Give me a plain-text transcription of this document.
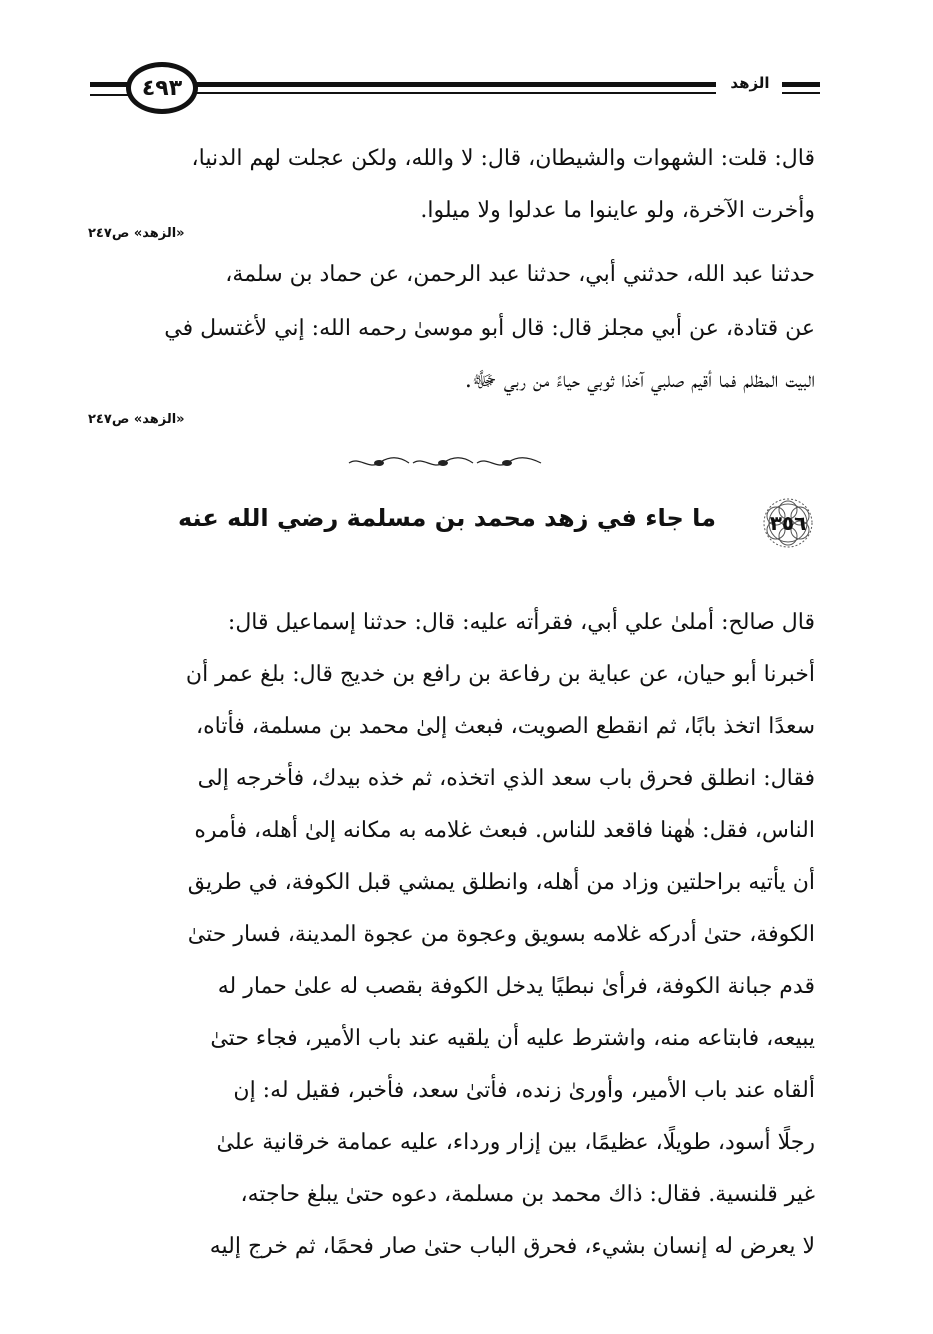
٤٩٣	الزهد
قال: قلت: الشهوات والشيطان، قال: لا والله، ولكن عجلت لهم الدنيا،
وأخرت الآخرة، ولو عاينوا ما عدلوا ولا ميلوا.
«الزهد» ص٢٤٧
حدثنا عبد الله، حدثني أبي، حدثنا عبد الرحمن، عن حماد بن سلمة،
عن قتادة، عن أبي مجلز قال: قال أبو موسىٰ رحمه الله: إني لأغتسل في
البيت المظلم فما أقيم صلبي آخذا ثوبي حياءً من ربي ﷻ.
«الزهد» ص٢٤٧
٣٥٦
ما جاء في زهد محمد بن مسلمة رضي الله عنه
قال صالح: أملىٰ علي أبي، فقرأته عليه: قال: حدثنا إسماعيل قال:
أخبرنا أبو حيان، عن عباية بن رفاعة بن رافع بن خديج قال: بلغ عمر أن
سعدًا اتخذ بابًا، ثم انقطع الصويت، فبعث إلىٰ محمد بن مسلمة، فأتاه،
فقال: انطلق فحرق باب سعد الذي اتخذه، ثم خذه بيدك، فأخرجه إلى
الناس، فقل: هٰهنا فاقعد للناس. فبعث غلامه به مكانه إلىٰ أهله، فأمره
أن يأتيه براحلتين وزاد من أهله، وانطلق يمشي قبل الكوفة، في طريق
الكوفة، حتىٰ أدركه غلامه بسويق وعجوة من عجوة المدينة، فسار حتىٰ
قدم جبانة الكوفة، فرأىٰ نبطيًا يدخل الكوفة بقصب له علىٰ حمار له
يبيعه، فابتاعه منه، واشترط عليه أن يلقيه عند باب الأمير، فجاء حتىٰ
ألقاه عند باب الأمير، وأورىٰ زنده، فأتىٰ سعد، فأخبر، فقيل له: إن
رجلًا أسود، طويلًا، عظيمًا، بين إزار ورداء، عليه عمامة خرقانية علىٰ
غير قلنسية. فقال: ذاك محمد بن مسلمة، دعوه حتىٰ يبلغ حاجته،
لا يعرض له إنسان بشيء، فحرق الباب حتىٰ صار فحمًا، ثم خرج إليه
